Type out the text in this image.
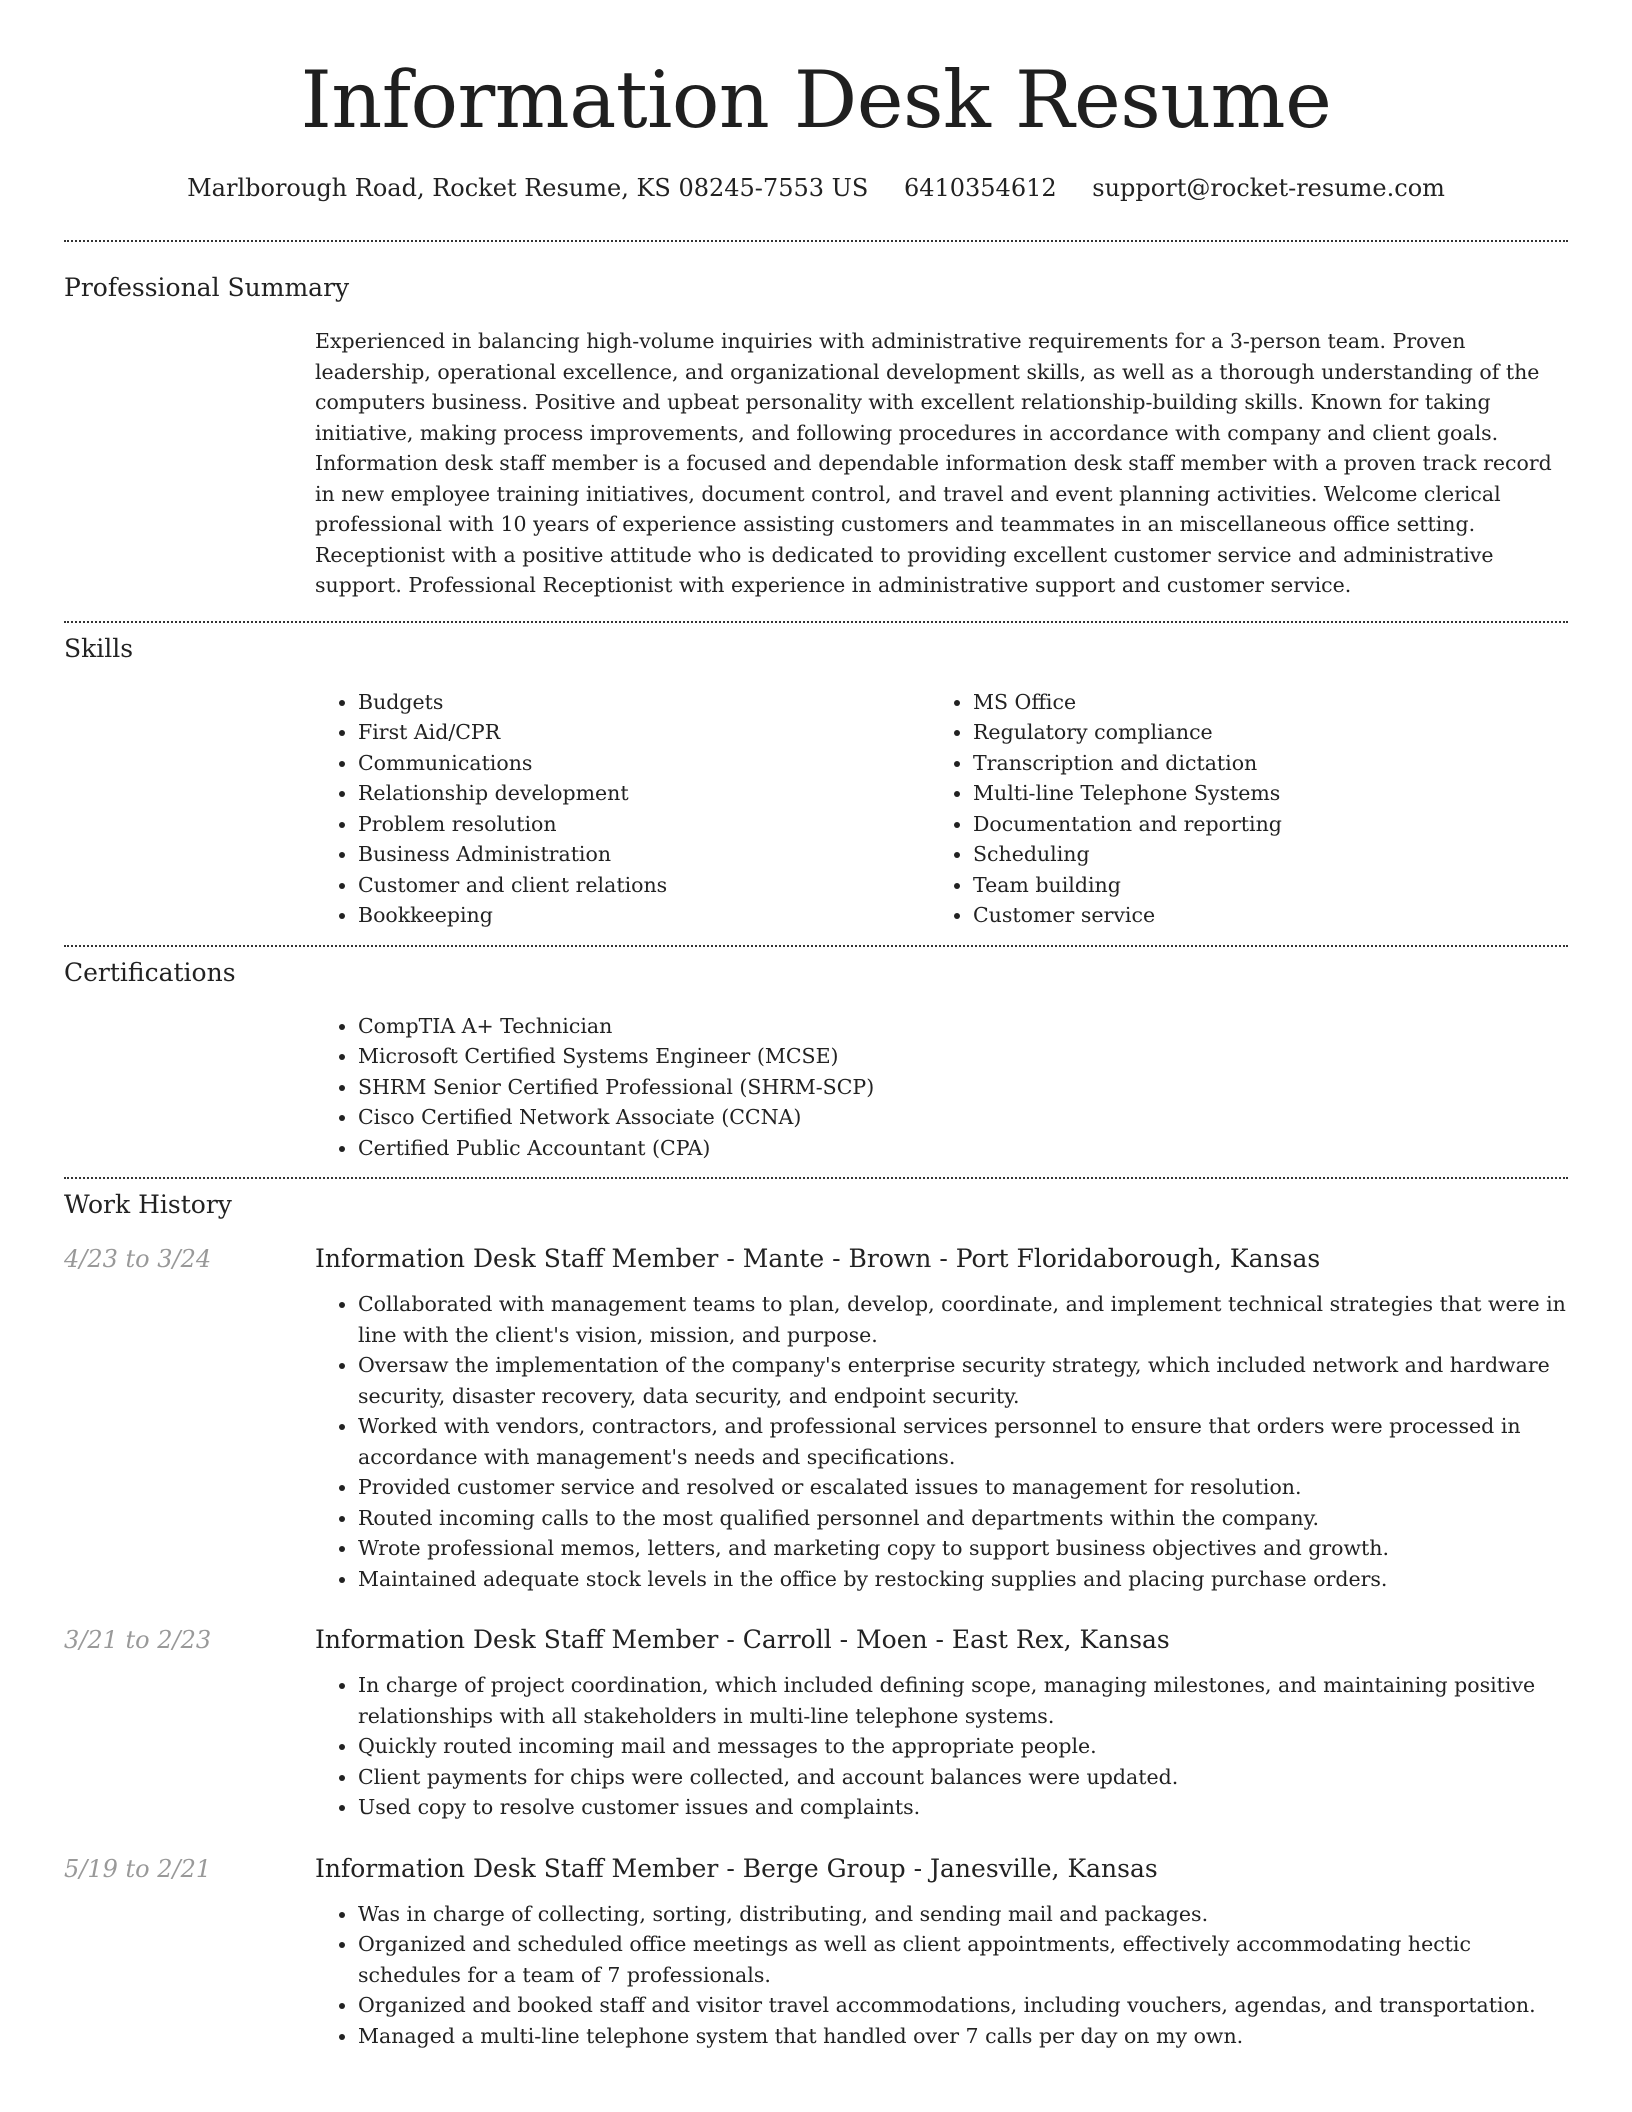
Information Desk Resume
Marlborough Road, Rocket Resume, KS 08245-7553 US 6410354612 support@rocket-resume.com
Professional Summary

Experienced in balancing high-volume inquiries with administrative requirements for a 3-person team. Proven leadership, operational excellence, and organizational development skills, as well as a thorough understanding of the computers business. Positive and upbeat personality with excellent relationship-building skills. Known for taking initiative, making process improvements, and following procedures in accordance with company and client goals. Information desk staff member is a focused and dependable information desk staff member with a proven track record in new employee training initiatives, document control, and travel and event planning activities. Welcome clerical professional with 10 years of experience assisting customers and teammates in an miscellaneous office setting. Receptionist with a positive attitude who is dedicated to providing excellent customer service and administrative support. Professional Receptionist with experience in administrative support and customer service.

Skills
• Budgets
• First Aid/CPR
• Communications
• Relationship development
• Problem resolution
• Business Administration
• Customer and client relations
• Bookkeeping
• MS Office
• Regulatory compliance
• Transcription and dictation
• Multi-line Telephone Systems
• Documentation and reporting
• Scheduling
• Team building
• Customer service
Certifications
• CompTIA A+ Technician
• Microsoft Certified Systems Engineer (MCSE)
• SHRM Senior Certified Professional (SHRM-SCP)
• Cisco Certified Network Associate (CCNA)
• Certified Public Accountant (CPA)
Work History
4/23 to 3/24	Information Desk Staff Member - Mante - Brown - Port Floridaborough, Kansas
• Collaborated with management teams to plan, develop, coordinate, and implement technical strategies that were in line with the client's vision, mission, and purpose.
• Oversaw the implementation of the company's enterprise security strategy, which included network and hardware security, disaster recovery, data security, and endpoint security.
• Worked with vendors, contractors, and professional services personnel to ensure that orders were processed in accordance with management's needs and specifications.
• Provided customer service and resolved or escalated issues to management for resolution.
• Routed incoming calls to the most qualified personnel and departments within the company.
• Wrote professional memos, letters, and marketing copy to support business objectives and growth.
• Maintained adequate stock levels in the office by restocking supplies and placing purchase orders.
3/21 to 2/23	Information Desk Staff Member - Carroll - Moen - East Rex, Kansas
• In charge of project coordination, which included defining scope, managing milestones, and maintaining positive relationships with all stakeholders in multi-line telephone systems.
• Quickly routed incoming mail and messages to the appropriate people.
• Client payments for chips were collected, and account balances were updated.
• Used copy to resolve customer issues and complaints.
5/19 to 2/21	Information Desk Staff Member - Berge Group - Janesville, Kansas
• Was in charge of collecting, sorting, distributing, and sending mail and packages.
• Organized and scheduled office meetings as well as client appointments, effectively accommodating hectic schedules for a team of 7 professionals.
• Organized and booked staff and visitor travel accommodations, including vouchers, agendas, and transportation.
• Managed a multi-line telephone system that handled over 7 calls per day on my own.
